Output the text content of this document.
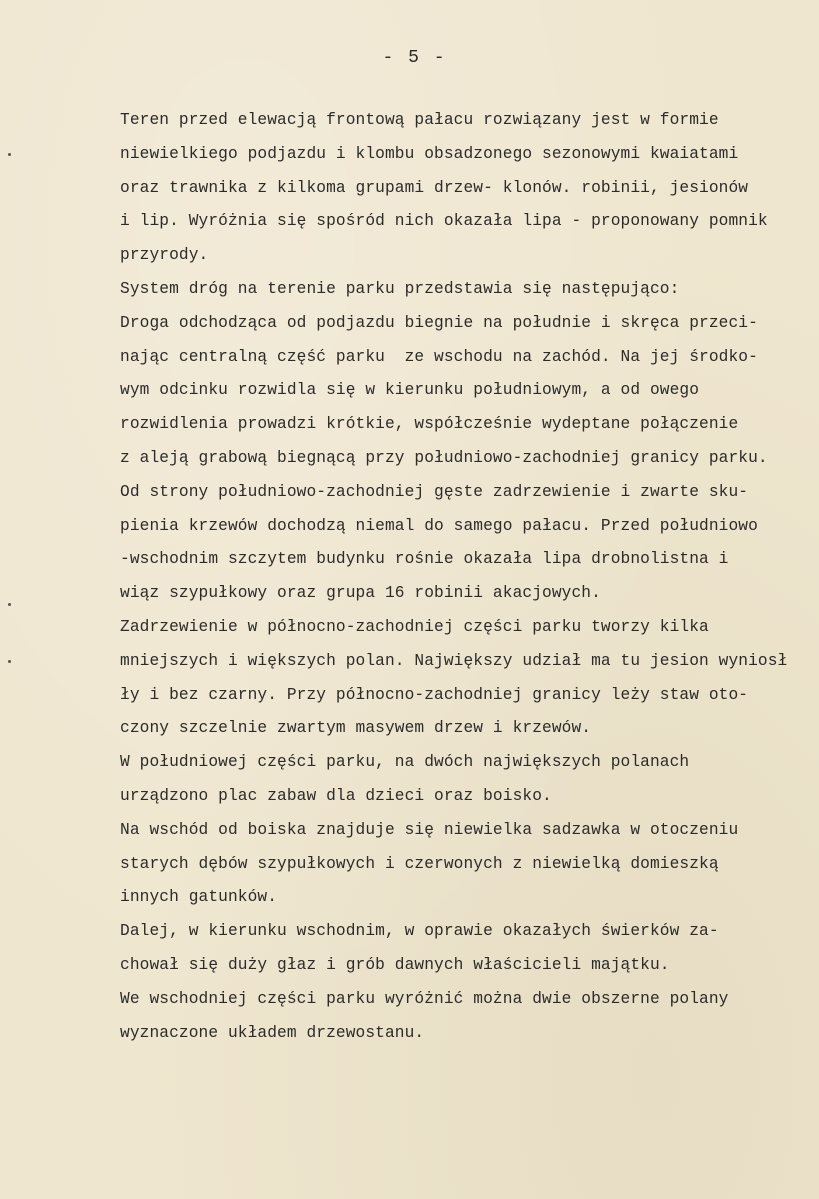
- 5 -
Teren przed elewacją frontową pałacu rozwiązany jest w formie
niewielkiego podjazdu i klombu obsadzonego sezonowymi kwaiatami
oraz trawnika z kilkoma grupami drzew- klonów. robinii, jesionów
i lip. Wyróżnia się spośród nich okazała lipa - proponowany pomnik
przyrody.
System dróg na terenie parku przedstawia się następująco:
Droga odchodząca od podjazdu biegnie na południe i skręca przeci-
nając centralną część parku  ze wschodu na zachód. Na jej środko-
wym odcinku rozwidla się w kierunku południowym, a od owego
rozwidlenia prowadzi krótkie, współcześnie wydeptane połączenie
z aleją grabową biegnącą przy południowo-zachodniej granicy parku.
Od strony południowo-zachodniej gęste zadrzewienie i zwarte sku-
pienia krzewów dochodzą niemal do samego pałacu. Przed południowo
-wschodnim szczytem budynku rośnie okazała lipa drobnolistna i
wiąz szypułkowy oraz grupa 16 robinii akacjowych.
Zadrzewienie w północno-zachodniej części parku tworzy kilka
mniejszych i większych polan. Największy udział ma tu jesion wyniosł
ły i bez czarny. Przy północno-zachodniej granicy leży staw oto-
czony szczelnie zwartym masywem drzew i krzewów.
W południowej części parku, na dwóch największych polanach
urządzono plac zabaw dla dzieci oraz boisko.
Na wschód od boiska znajduje się niewielka sadzawka w otoczeniu
starych dębów szypułkowych i czerwonych z niewielką domieszką
innych gatunków.
Dalej, w kierunku wschodnim, w oprawie okazałych świerków za-
chował się duży głaz i grób dawnych właścicieli majątku.
We wschodniej części parku wyróżnić można dwie obszerne polany
wyznaczone układem drzewostanu.
